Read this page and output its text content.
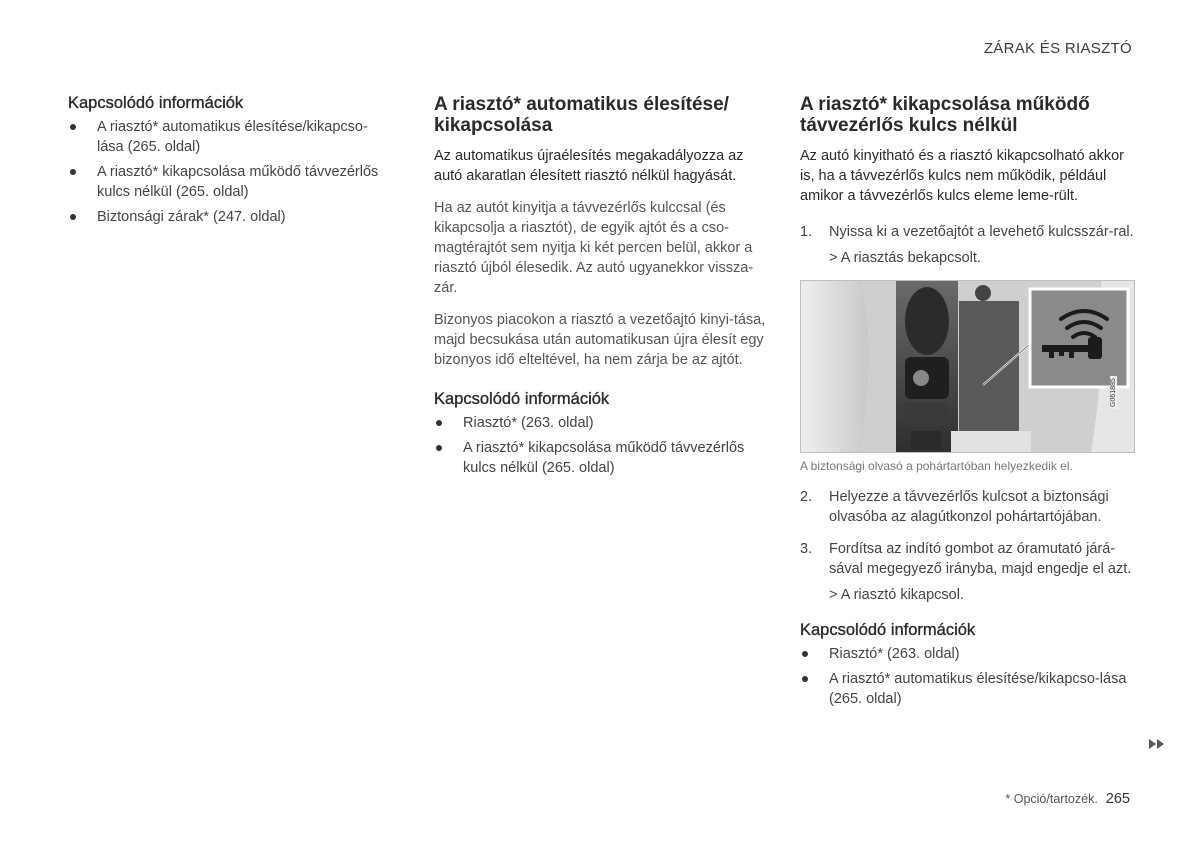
ZÁRAK ÉS RIASZTÓ
Kapcsolódó információk
A riasztó* automatikus élesítése/kikapcso-lása (265. oldal)
A riasztó* kikapcsolása működő távvezérlős kulcs nélkül (265. oldal)
Biztonsági zárak* (247. oldal)
A riasztó* automatikus élesítése/ kikapcsolása

Az automatikus újraélesítés megakadályozza az autó akaratlan élesített riasztó nélkül hagyását.

Ha az autót kinyitja a távvezérlős kulccsal (és kikapcsolja a riasztót), de egyik ajtót és a cso-magtérajtót sem nyitja ki két percen belül, akkor a riasztó újból élesedik. Az autó ugyanekkor vissza-zár.

Bizonyos piacokon a riasztó a vezetőajtó kinyi-tása, majd becsukása után automatikusan újra élesít egy bizonyos idő elteltével, ha nem zárja be az ajtót.

Kapcsolódó információk
Riasztó* (263. oldal)
A riasztó* kikapcsolása működő távvezérlős kulcs nélkül (265. oldal)
A riasztó* kikapcsolása működő távvezérlős kulcs nélkül

Az autó kinyitható és a riasztó kikapcsolható akkor is, ha a távvezérlős kulcs nem működik, például amikor a távvezérlős kulcs eleme leme-rült.

1. Nyissa ki a vezetőajtót a levehető kulcsszár-ral.

> A riasztás bekapcsolt.

G061885
A biztonsági olvasó a pohártartóban helyezkedik el.
2. Helyezze a távvezérlős kulcsot a biztonsági olvasóba az alagútkonzol pohártartójában.
3. Fordítsa az indító gombot az óramutató járá-sával megegyező irányba, majd engedje el azt.

> A riasztó kikapcsol.

Kapcsolódó információk
Riasztó* (263. oldal)
A riasztó* automatikus élesítése/kikapcso-lása (265. oldal)
* Opció/tartozék. 265
